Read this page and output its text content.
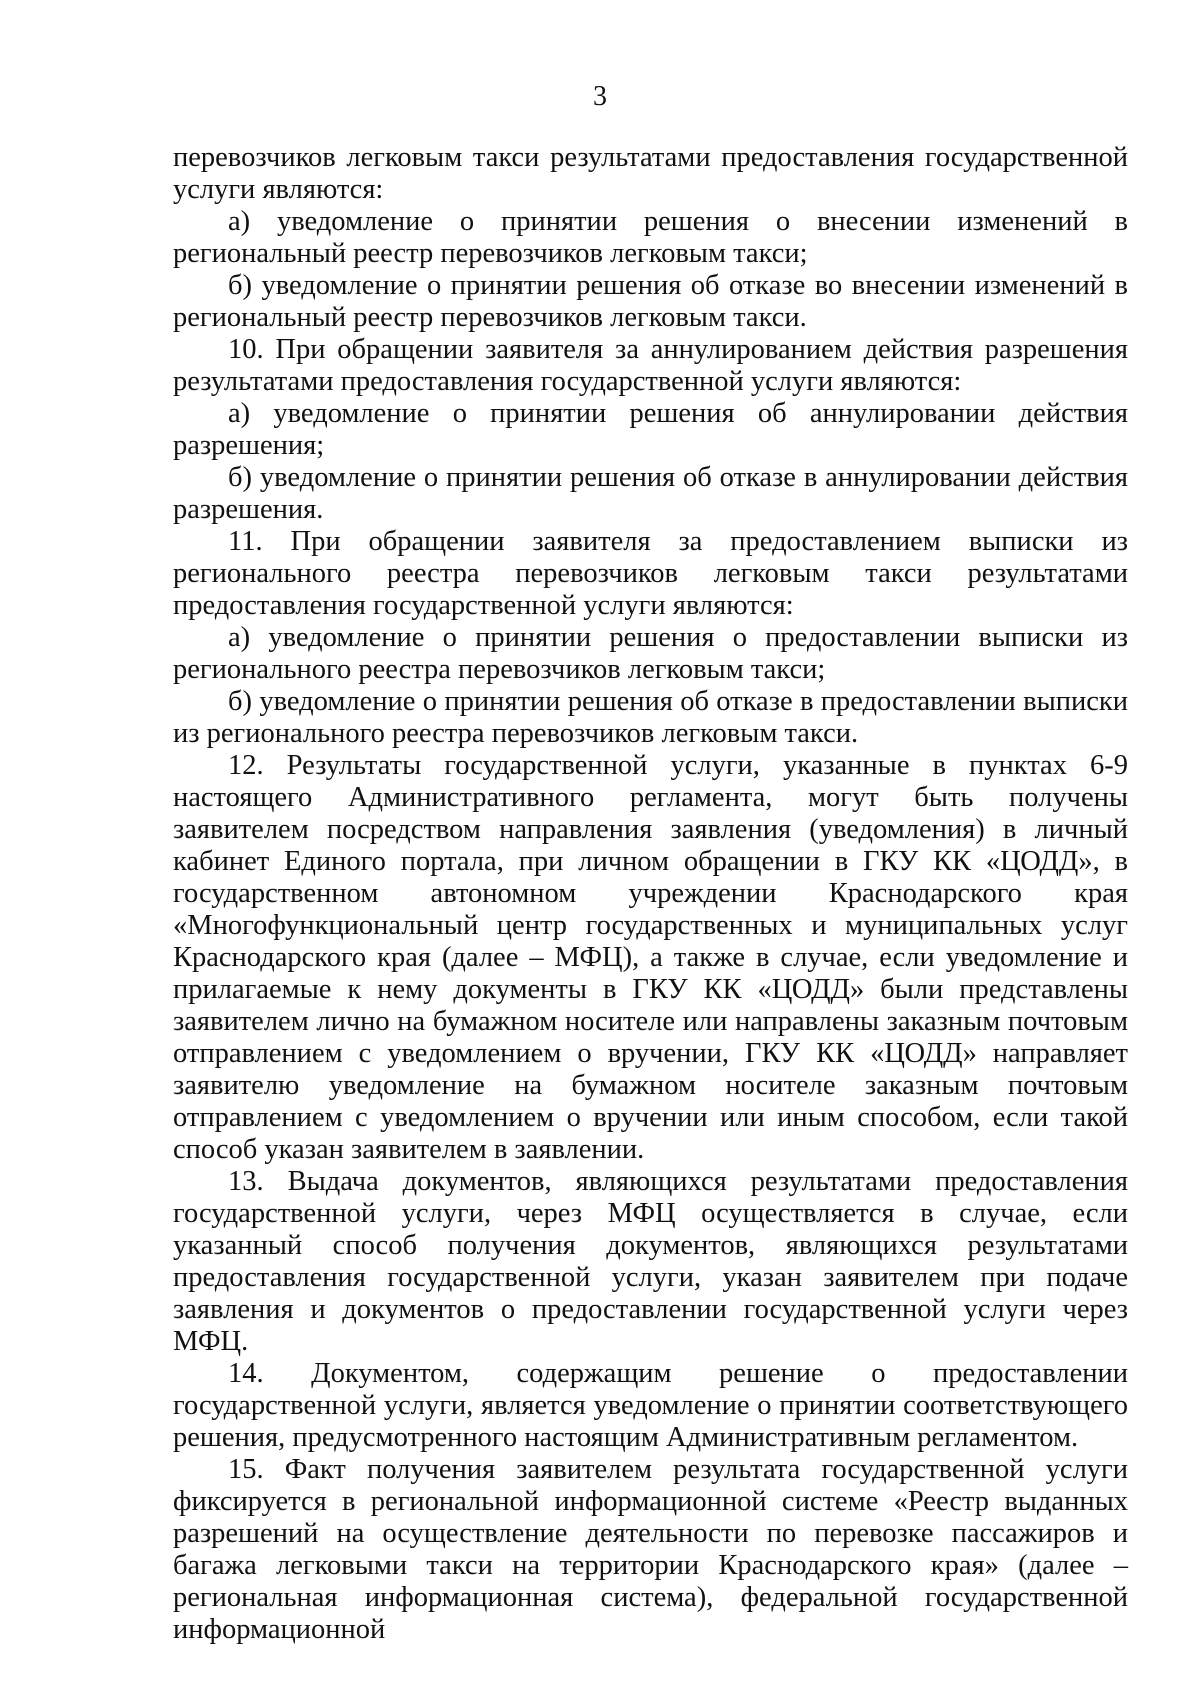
3

перевозчиков легковым такси результатами предоставления государственной услуги являются:

а) уведомление о принятии решения о внесении изменений в региональный реестр перевозчиков легковым такси;

б) уведомление о принятии решения об отказе во внесении изменений в региональный реестр перевозчиков легковым такси.

10. При обращении заявителя за аннулированием действия разрешения результатами предоставления государственной услуги являются:

а) уведомление о принятии решения об аннулировании действия разрешения;

б) уведомление о принятии решения об отказе в аннулировании действия разрешения.

11. При обращении заявителя за предоставлением выписки из регионального реестра перевозчиков легковым такси результатами предоставления государственной услуги являются:

а) уведомление о принятии решения о предоставлении выписки из регионального реестра перевозчиков легковым такси;

б) уведомление о принятии решения об отказе в предоставлении выписки из регионального реестра перевозчиков легковым такси.

12. Результаты государственной услуги, указанные в пунктах 6-9 настоящего Административного регламента, могут быть получены заявителем посредством направления заявления (уведомления) в личный кабинет Единого портала, при личном обращении в ГКУ КК «ЦОДД», в государственном автономном учреждении Краснодарского края «Многофункциональный центр государственных и муниципальных услуг Краснодарского края (далее – МФЦ), а также в случае, если уведомление и прилагаемые к нему документы в ГКУ КК «ЦОДД» были представлены заявителем лично на бумажном носителе или направлены заказным почтовым отправлением с уведомлением о вручении, ГКУ КК «ЦОДД» направляет заявителю уведомление на бумажном носителе заказным почтовым отправлением с уведомлением о вручении или иным способом, если такой способ указан заявителем в заявлении.

13. Выдача документов, являющихся результатами предоставления государственной услуги, через МФЦ осуществляется в случае, если указанный способ получения документов, являющихся результатами предоставления государственной услуги, указан заявителем при подаче заявления и документов о предоставлении государственной услуги через МФЦ.

14. Документом, содержащим решение о предоставлении государственной услуги, является уведомление о принятии соответствующего решения, предусмотренного настоящим Административным регламентом.

15. Факт получения заявителем результата государственной услуги фиксируется в региональной информационной системе «Реестр выданных разрешений на осуществление деятельности по перевозке пассажиров и багажа легковыми такси на территории Краснодарского края» (далее – региональная информационная система), федеральной государственной информационной
